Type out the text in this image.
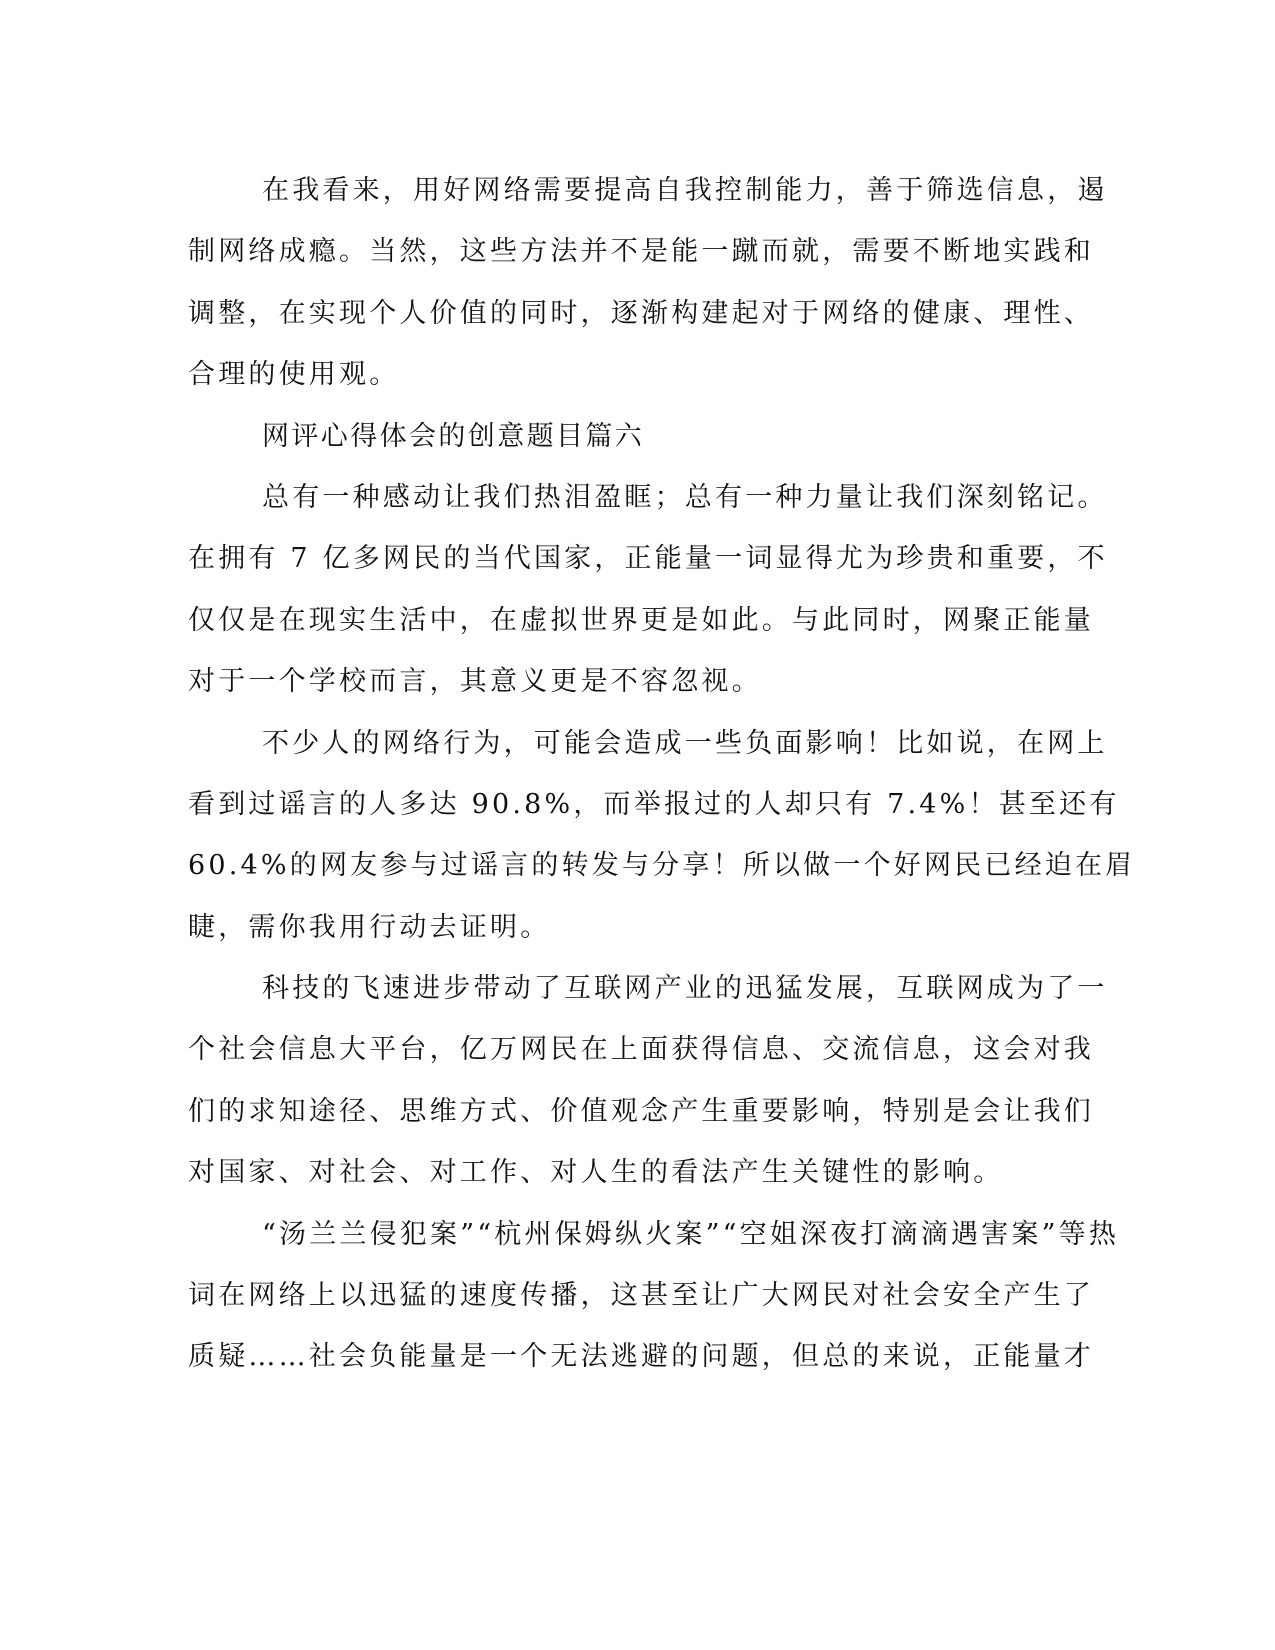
在我看来，用好网络需要提高自我控制能力，善于筛选信息，遏
制网络成瘾。当然，这些方法并不是能一蹴而就，需要不断地实践和
调整，在实现个人价值的同时，逐渐构建起对于网络的健康、理性、
合理的使用观。
网评心得体会的创意题目篇六
总有一种感动让我们热泪盈眶；总有一种力量让我们深刻铭记。
在拥有 7 亿多网民的当代国家，正能量一词显得尤为珍贵和重要，不
仅仅是在现实生活中，在虚拟世界更是如此。与此同时，网聚正能量
对于一个学校而言，其意义更是不容忽视。
不少人的网络行为，可能会造成一些负面影响！比如说，在网上
看到过谣言的人多达 90.8%，而举报过的人却只有 7.4%！甚至还有
60.4%的网友参与过谣言的转发与分享！所以做一个好网民已经迫在眉
睫，需你我用行动去证明。
科技的飞速进步带动了互联网产业的迅猛发展，互联网成为了一
个社会信息大平台，亿万网民在上面获得信息、交流信息，这会对我
们的求知途径、思维方式、价值观念产生重要影响，特别是会让我们
对国家、对社会、对工作、对人生的看法产生关键性的影响。
“汤兰兰侵犯案”“杭州保姆纵火案”“空姐深夜打滴滴遇害案”等热
词在网络上以迅猛的速度传播，这甚至让广大网民对社会安全产生了
质疑……社会负能量是一个无法逃避的问题，但总的来说，正能量才
